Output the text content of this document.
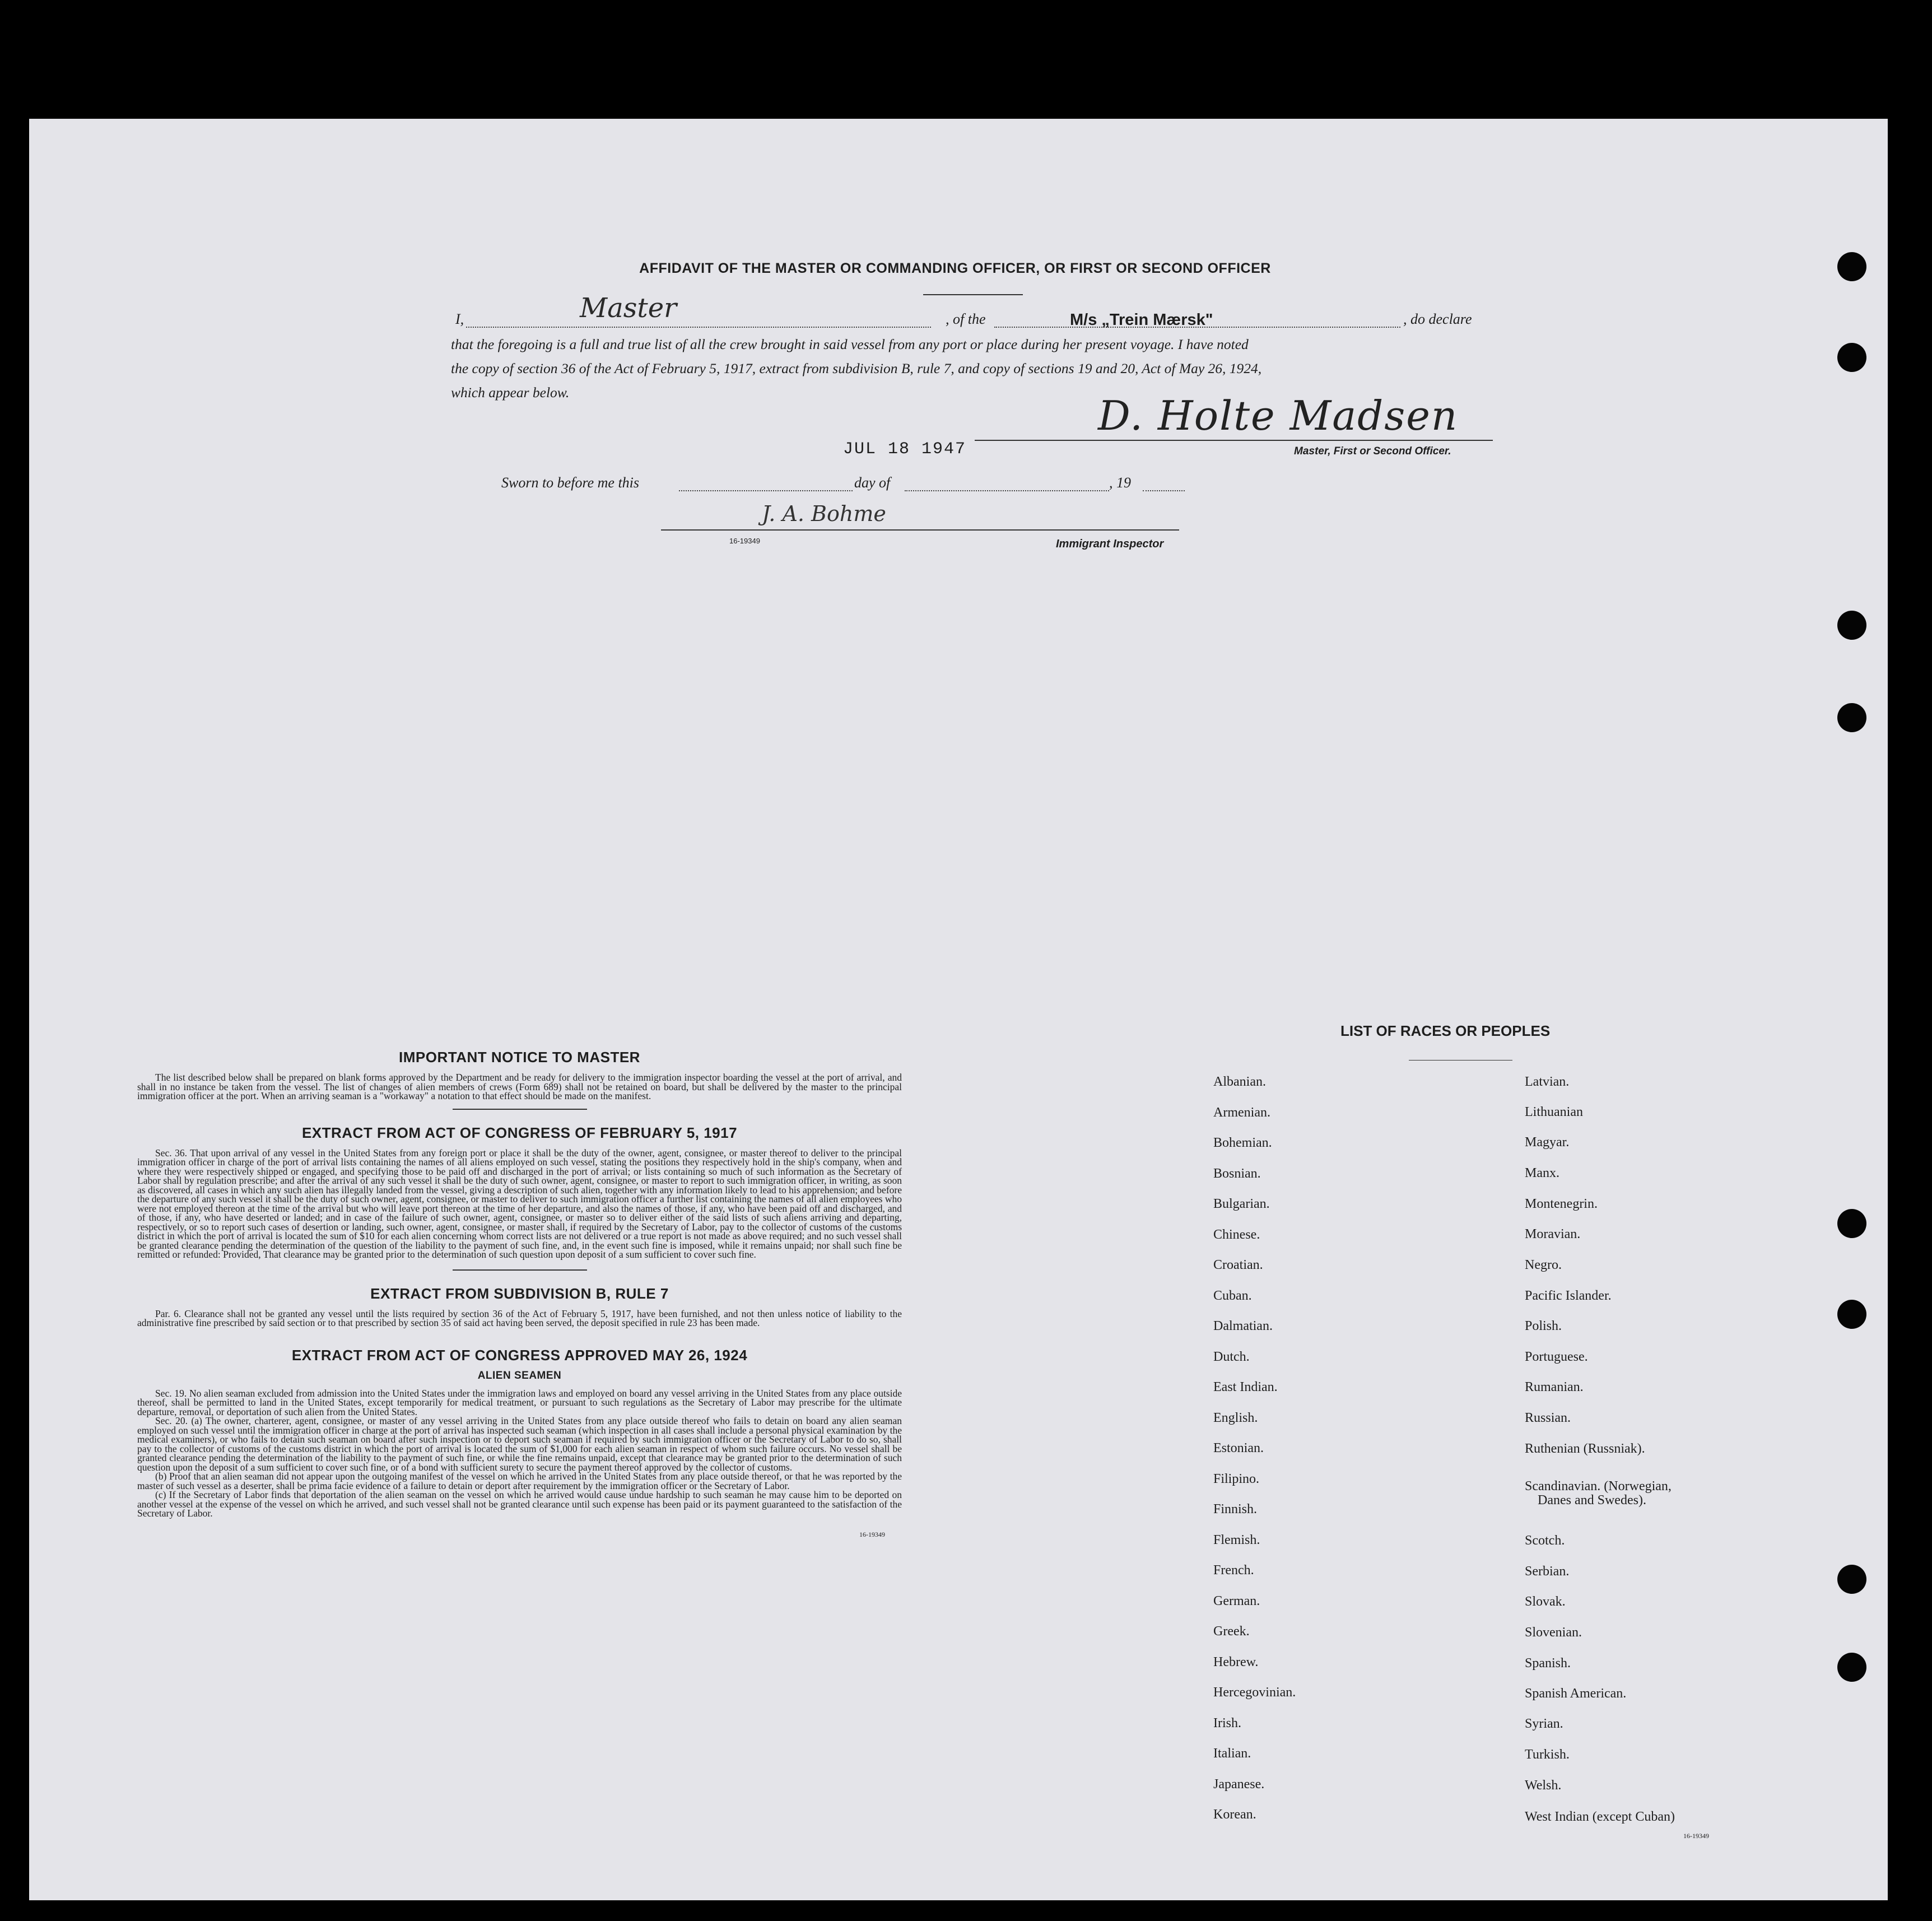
AFFIDAVIT OF THE MASTER OR COMMANDING OFFICER, OR FIRST OR SECOND OFFICER
I,	Master	, of the	M/s „Trein Mærsk"	, do declare
that the foregoing is a full and true list of all the crew brought in said vessel from any port or place during her present voyage. I have noted
the copy of section 36 of the Act of February 5, 1917, extract from subdivision B, rule 7, and copy of sections 19 and 20, Act of May 26, 1924,
which appear below.
JUL 18 1947
D. Holte Madsen
Master, First or Second Officer.
Sworn to before me this	day of	, 19
J. A. Bohme
16-19349	Immigrant Inspector
IMPORTANT NOTICE TO MASTER

The list described below shall be prepared on blank forms approved by the Department and be ready for delivery to the immigration inspector boarding the vessel at the port of arrival, and shall in no instance be taken from the vessel. The list of changes of alien members of crews (Form 689) shall not be retained on board, but shall be delivered by the master to the principal immigration officer at the port. When an arriving seaman is a "workaway" a notation to that effect should be made on the manifest.

EXTRACT FROM ACT OF CONGRESS OF FEBRUARY 5, 1917

Sec. 36. That upon arrival of any vessel in the United States from any foreign port or place it shall be the duty of the owner, agent, consignee, or master thereof to deliver to the principal immigration officer in charge of the port of arrival lists containing the names of all aliens employed on such vessel, stating the positions they respectively hold in the ship's company, when and where they were respectively shipped or engaged, and specifying those to be paid off and discharged in the port of arrival; or lists containing so much of such information as the Secretary of Labor shall by regulation prescribe; and after the arrival of any such vessel it shall be the duty of such owner, agent, consignee, or master to report to such immigration officer, in writing, as soon as discovered, all cases in which any such alien has illegally landed from the vessel, giving a description of such alien, together with any information likely to lead to his apprehension; and before the departure of any such vessel it shall be the duty of such owner, agent, consignee, or master to deliver to such immigration officer a further list containing the names of all alien employees who were not employed thereon at the time of the arrival but who will leave port thereon at the time of her departure, and also the names of those, if any, who have been paid off and discharged, and of those, if any, who have deserted or landed; and in case of the failure of such owner, agent, consignee, or master so to deliver either of the said lists of such aliens arriving and departing, respectively, or so to report such cases of desertion or landing, such owner, agent, consignee, or master shall, if required by the Secretary of Labor, pay to the collector of customs of the customs district in which the port of arrival is located the sum of $10 for each alien concerning whom correct lists are not delivered or a true report is not made as above required; and no such vessel shall be granted clearance pending the determination of the question of the liability to the payment of such fine, and, in the event such fine is imposed, while it remains unpaid; nor shall such fine be remitted or refunded: Provided, That clearance may be granted prior to the determination of such question upon deposit of a sum sufficient to cover such fine.

EXTRACT FROM SUBDIVISION B, RULE 7

Par. 6. Clearance shall not be granted any vessel until the lists required by section 36 of the Act of February 5, 1917, have been furnished, and not then unless notice of liability to the administrative fine prescribed by said section or to that prescribed by section 35 of said act having been served, the deposit specified in rule 23 has been made.

EXTRACT FROM ACT OF CONGRESS APPROVED MAY 26, 1924
ALIEN SEAMEN

Sec. 19. No alien seaman excluded from admission into the United States under the immigration laws and employed on board any vessel arriving in the United States from any place outside thereof, shall be permitted to land in the United States, except temporarily for medical treatment, or pursuant to such regulations as the Secretary of Labor may prescribe for the ultimate departure, removal, or deportation of such alien from the United States.

Sec. 20. (a) The owner, charterer, agent, consignee, or master of any vessel arriving in the United States from any place outside thereof who fails to detain on board any alien seaman employed on such vessel until the immigration officer in charge at the port of arrival has inspected such seaman (which inspection in all cases shall include a personal physical examination by the medical examiners), or who fails to detain such seaman on board after such inspection or to deport such seaman if required by such immigration officer or the Secretary of Labor to do so, shall pay to the collector of customs of the customs district in which the port of arrival is located the sum of $1,000 for each alien seaman in respect of whom such failure occurs. No vessel shall be granted clearance pending the determination of the liability to the payment of such fine, or while the fine remains unpaid, except that clearance may be granted prior to the determination of such question upon the deposit of a sum sufficient to cover such fine, or of a bond with sufficient surety to secure the payment thereof approved by the collector of customs.

(b) Proof that an alien seaman did not appear upon the outgoing manifest of the vessel on which he arrived in the United States from any place outside thereof, or that he was reported by the master of such vessel as a deserter, shall be prima facie evidence of a failure to detain or deport after requirement by the immigration officer or the Secretary of Labor.

(c) If the Secretary of Labor finds that deportation of the alien seaman on the vessel on which he arrived would cause undue hardship to such seaman he may cause him to be deported on another vessel at the expense of the vessel on which he arrived, and such vessel shall not be granted clearance until such expense has been paid or its payment guaranteed to the satisfaction of the Secretary of Labor.

16-19349
LIST OF RACES OR PEOPLES
Danes and Swedes).
16-19349
Albanian.
Armenian.
Bohemian.
Bosnian.
Bulgarian.
Chinese.
Croatian.
Cuban.
Dalmatian.
Dutch.
East Indian.
English.
Estonian.
Filipino.
Finnish.
Flemish.
French.
German.
Greek.
Hebrew.
Hercegovinian.
Irish.
Italian.
Japanese.
Korean.
Latvian.
Lithuanian
Magyar.
Manx.
Montenegrin.
Moravian.
Negro.
Pacific Islander.
Polish.
Portuguese.
Rumanian.
Russian.
Ruthenian (Russniak).
Scandinavian. (Norwegian,
Scotch.
Serbian.
Slovak.
Slovenian.
Spanish.
Spanish American.
Syrian.
Turkish.
Welsh.
West Indian (except Cuban)
